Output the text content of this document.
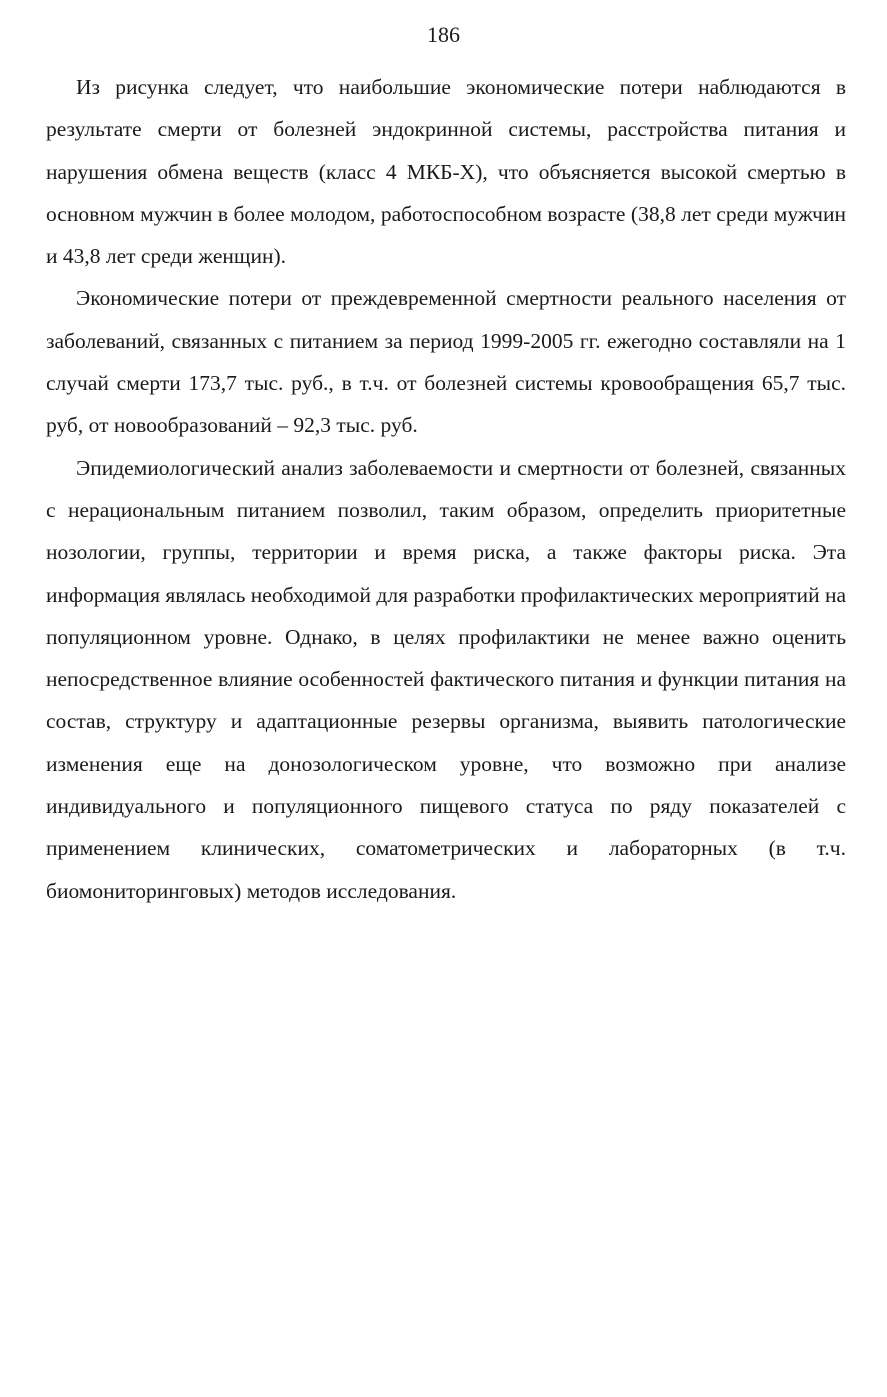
186

Из рисунка следует, что наибольшие экономические потери наблюдаются в результате смерти от болезней эндокринной системы, расстройства питания и нарушения обмена веществ (класс 4 МКБ-Х), что объясняется высокой смертью в основном мужчин в более молодом, работоспособном возрасте (38,8 лет среди мужчин и 43,8 лет среди женщин).

Экономические потери от преждевременной смертности реального населения от заболеваний, связанных с питанием за период 1999-2005 гг. ежегодно составляли на 1 случай смерти 173,7 тыс. руб., в т.ч. от болезней системы кровообращения 65,7 тыс. руб, от новообразований – 92,3 тыс. руб.

Эпидемиологический анализ заболеваемости и смертности от болезней, связанных с нерациональным питанием позволил, таким образом, определить приоритетные нозологии, группы, территории и время риска, а также факторы риска. Эта информация являлась необходимой для разработки профилактических мероприятий на популяционном уровне. Однако, в целях профилактики не менее важно оценить непосредственное влияние особенностей фактического питания и функции питания на состав, структуру и адаптационные резервы организма, выявить патологические изменения еще на донозологическом уровне, что возможно при анализе индивидуального и популяционного пищевого статуса по ряду показателей с применением клинических, соматометрических и лабораторных (в т.ч. биомониторинговых) методов исследования.
